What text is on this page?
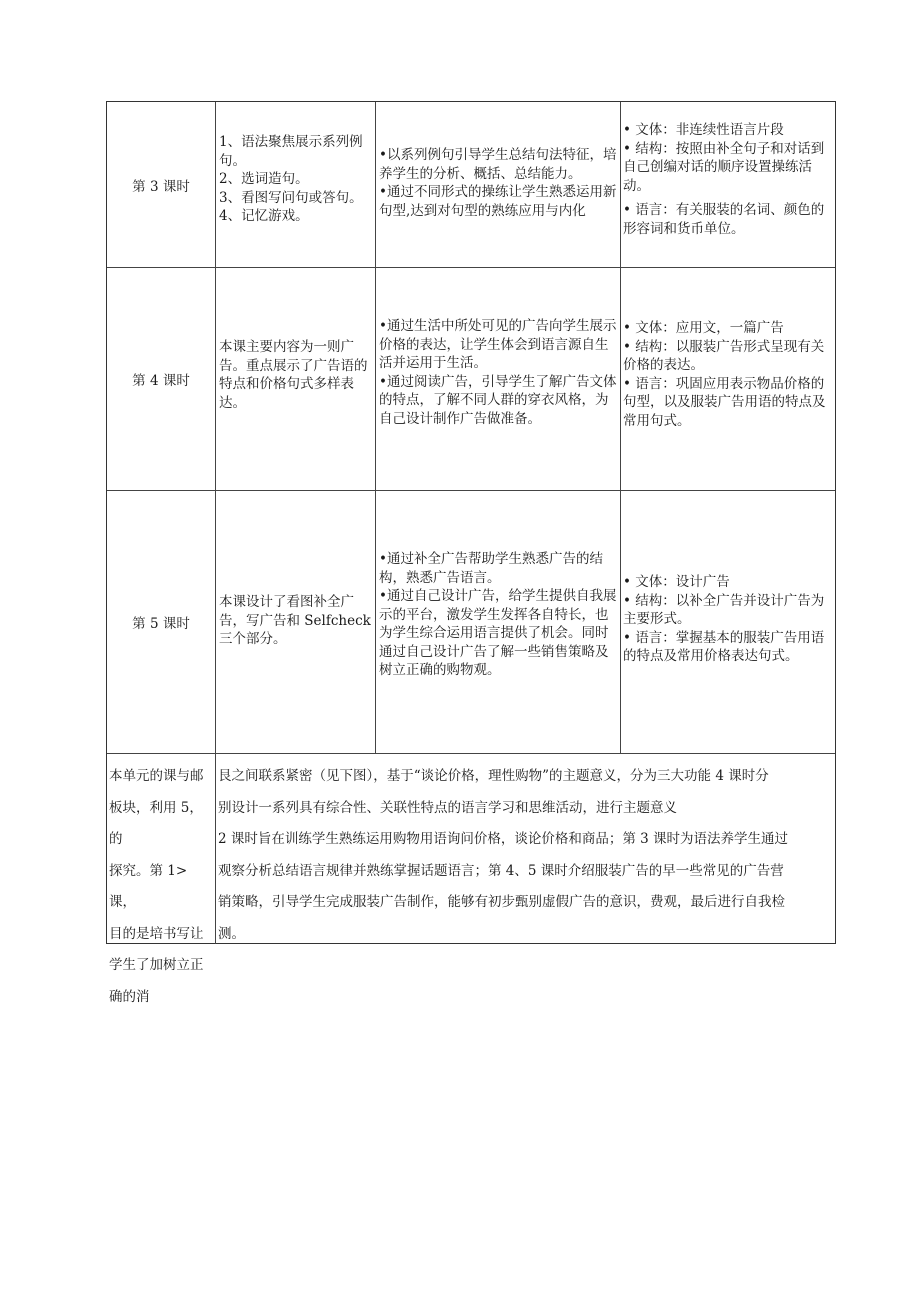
第 3 课时

1、语法聚焦展示系列例句。

2、选词造句。

3、看图写问句或答句。

4、记忆游戏。

•以系列例句引导学生总结句法特征，培养学生的分析、概括、总结能力。

•通过不同形式的操练让学生熟悉运用新句型,达到对句型的熟练应用与内化

• 文体：非连续性语言片段

• 结构：按照由补全句子和对话到自己创编对话的顺序设置操练活动。

• 语言：有关服装的名词、颜色的形容词和货币单位。

第 4 课时

本课主要内容为一则广告。重点展示了广告语的特点和价格句式多样表达。

•通过生活中所处可见的广告向学生展示价格的表达，让学生体会到语言源自生活并运用于生活。

•通过阅读广告，引导学生了解广告文体的特点，了解不同人群的穿衣风格，为自己设计制作广告做准备。

• 文体：应用文，一篇广告

• 结构：以服装广告形式呈现有关价格的表达。

• 语言：巩固应用表示物品价格的句型，以及服装广告用语的特点及常用句式。

第 5 课时

本课设计了看图补全广告，写广告和 Selfcheck 三个部分。

•通过补全广告帮助学生熟悉广告的结构，熟悉广告语言。

•通过自己设计广告，给学生提供自我展示的平台，激发学生发挥各自特长，也为学生综合运用语言提供了机会。同时通过自己设计广告了解一些销售策略及树立正确的购物观。

• 文体：设计广告

• 结构：以补全广告并设计广告为主要形式。

• 语言：掌握基本的服装广告用语的特点及常用价格表达句式。

本单元的课与邮
板块，利用 5，的
探究。第 1>课，
目的是培书写让
学生了加树立正
确的消
艮之间联系紧密（见下图），基于“谈论价格，理性购物”的主题意义，分为三大功能 4 课时分
别设计一系列具有综合性、关联性特点的语言学习和思维活动，进行主题意义
2 课时旨在训练学生熟练运用购物用语询问价格，谈论价格和商品；第 3 课时为语法养学生通过
观察分析总结语言规律并熟练掌握话题语言；第 4、5 课时介绍服装广告的早一些常见的广告营
销策略，引导学生完成服装广告制作，能够有初步甄别虚假广告的意识，费观，最后进行自我检
测。
